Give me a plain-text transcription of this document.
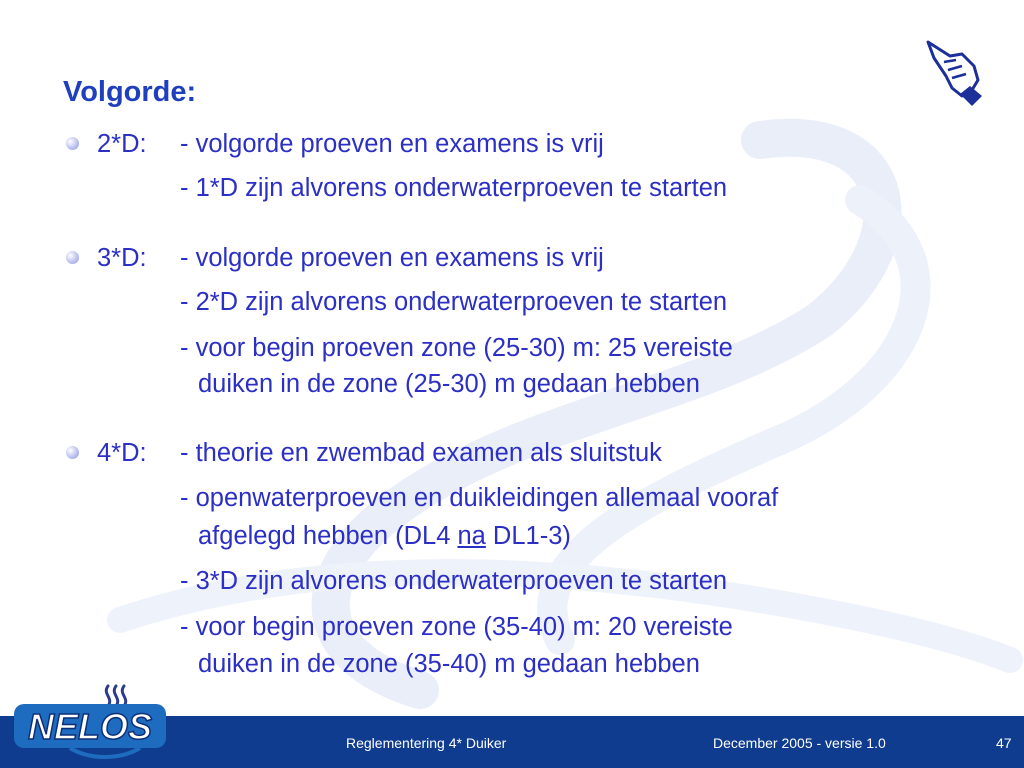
Volgorde:
2*D: - volgorde proeven en examens is vrij
- 1*D zijn alvorens onderwaterproeven te starten
3*D: - volgorde proeven en examens is vrij
- 2*D zijn alvorens onderwaterproeven te starten
- voor begin proeven zone (25-30) m: 25 vereiste
duiken in de zone (25-30) m gedaan hebben
4*D: - theorie en zwembad examen als sluitstuk
- openwaterproeven en duikleidingen allemaal vooraf
afgelegd hebben (DL4 na DL1-3)
- 3*D zijn alvorens onderwaterproeven te starten
- voor begin proeven zone (35-40) m: 20 vereiste
duiken in de zone (35-40) m gedaan hebben
Reglementering 4* Duiker	December 2005 - versie 1.0	47
NELOS
